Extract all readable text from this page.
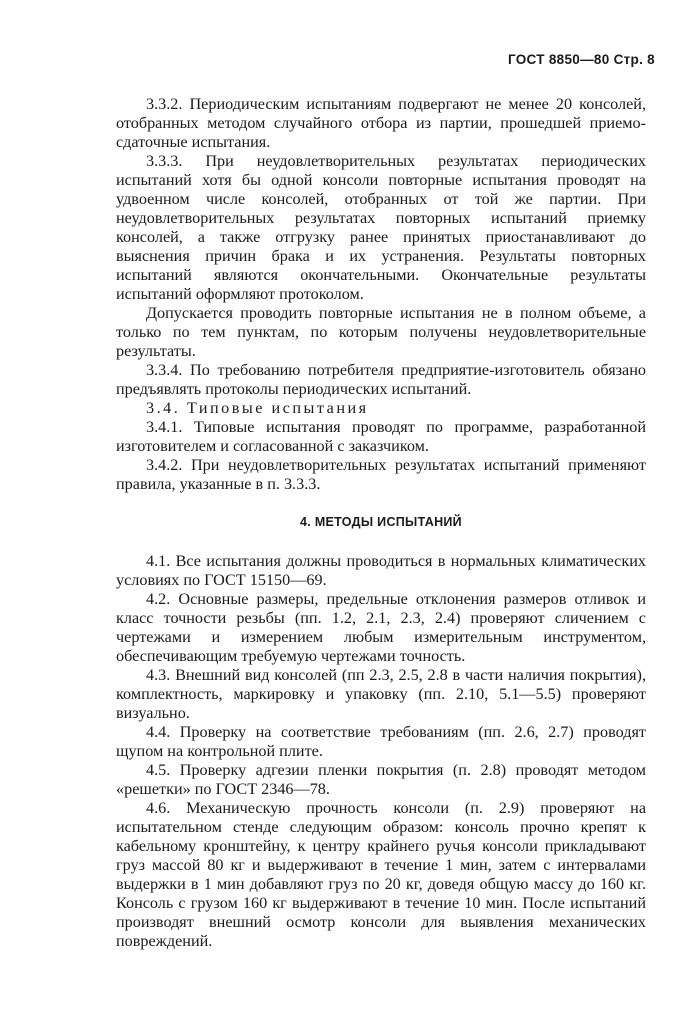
ГОСТ 8850—80 Стр. 8

3.3.2. Периодическим испытаниям подвергают не менее 20 консолей, отобранных методом случайного отбора из партии, прошедшей приемо-сдаточные испытания.

3.3.3. При неудовлетворительных результатах периодических испытаний хотя бы одной консоли повторные испытания проводят на удвоенном числе консолей, отобранных от той же партии. При неудовлетворительных результатах повторных испытаний приемку консолей, а также отгрузку ранее принятых приостанавливают до выяснения причин брака и их устранения. Результаты повторных испытаний являются окончательными. Окончательные результаты испытаний оформляют протоколом.

Допускается проводить повторные испытания не в полном объеме, а только по тем пунктам, по которым получены неудовлетворительные результаты.

3.3.4. По требованию потребителя предприятие-изготовитель обязано предъявлять протоколы периодических испытаний.

3.4. Типовые испытания

3.4.1. Типовые испытания проводят по программе, разработанной изготовителем и согласованной с заказчиком.

3.4.2. При неудовлетворительных результатах испытаний применяют правила, указанные в п. 3.3.3.

4. МЕТОДЫ ИСПЫТАНИЙ

4.1. Все испытания должны проводиться в нормальных климатических условиях по ГОСТ 15150—69.

4.2. Основные размеры, предельные отклонения размеров отливок и класс точности резьбы (пп. 1.2, 2.1, 2.3, 2.4) проверяют сличением с чертежами и измерением любым измерительным инструментом, обеспечивающим требуемую чертежами точность.

4.3. Внешний вид консолей (пп 2.3, 2.5, 2.8 в части наличия покрытия), комплектность, маркировку и упаковку (пп. 2.10, 5.1—5.5) проверяют визуально.

4.4. Проверку на соответствие требованиям (пп. 2.6, 2.7) проводят щупом на контрольной плите.

4.5. Проверку адгезии пленки покрытия (п. 2.8) проводят методом «решетки» по ГОСТ 2346—78.

4.6. Механическую прочность консоли (п. 2.9) проверяют на испытательном стенде следующим образом: консоль прочно крепят к кабельному кронштейну, к центру крайнего ручья консоли прикладывают груз массой 80 кг и выдерживают в течение 1 мин, затем с интервалами выдержки в 1 мин добавляют груз по 20 кг, доведя общую массу до 160 кг. Консоль с грузом 160 кг выдерживают в течение 10 мин. После испытаний производят внешний осмотр консоли для выявления механических повреждений.
